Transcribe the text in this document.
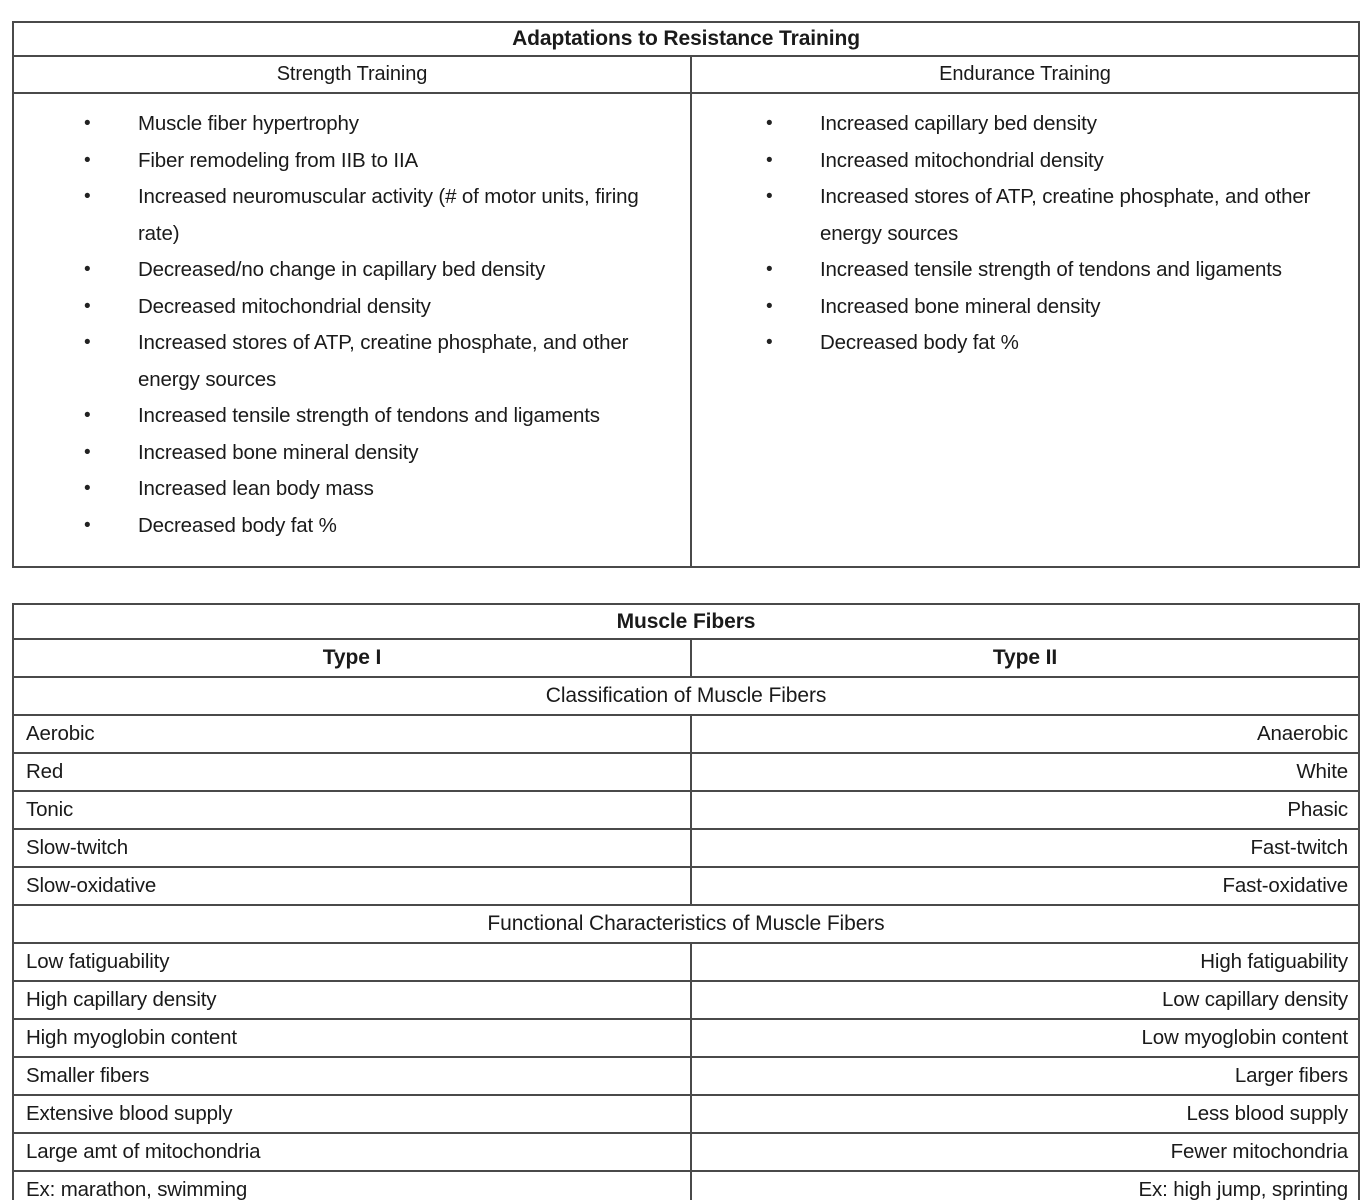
Adaptations to Resistance Training	
Strength Training	Endurance Training

• Muscle fiber hypertrophy
• Fiber remodeling from IIB to IIA
• Increased neuromuscular activity (# of motor units, firing rate)
• Decreased/no change in capillary bed density
• Decreased mitochondrial density
• Increased stores of ATP, creatine phosphate, and other energy sources
• Increased tensile strength of tendons and ligaments
• Increased bone mineral density
• Increased lean body mass
• Decreased body fat %

• Increased capillary bed density
• Increased mitochondrial density
• Increased stores of ATP, creatine phosphate, and other energy sources
• Increased tensile strength of tendons and ligaments
• Increased bone mineral density
• Decreased body fat %
Muscle Fibers	
Type I	Type II
Classification of Muscle Fibers	
Aerobic	Anaerobic
Red	White
Tonic	Phasic
Slow-twitch	Fast-twitch
Slow-oxidative	Fast-oxidative
Functional Characteristics of Muscle Fibers	
Low fatiguability	High fatiguability
High capillary density	Low capillary density
High myoglobin content	Low myoglobin content
Smaller fibers	Larger fibers
Extensive blood supply	Less blood supply
Large amt of mitochondria	Fewer mitochondria
Ex: marathon, swimming	Ex: high jump, sprinting
